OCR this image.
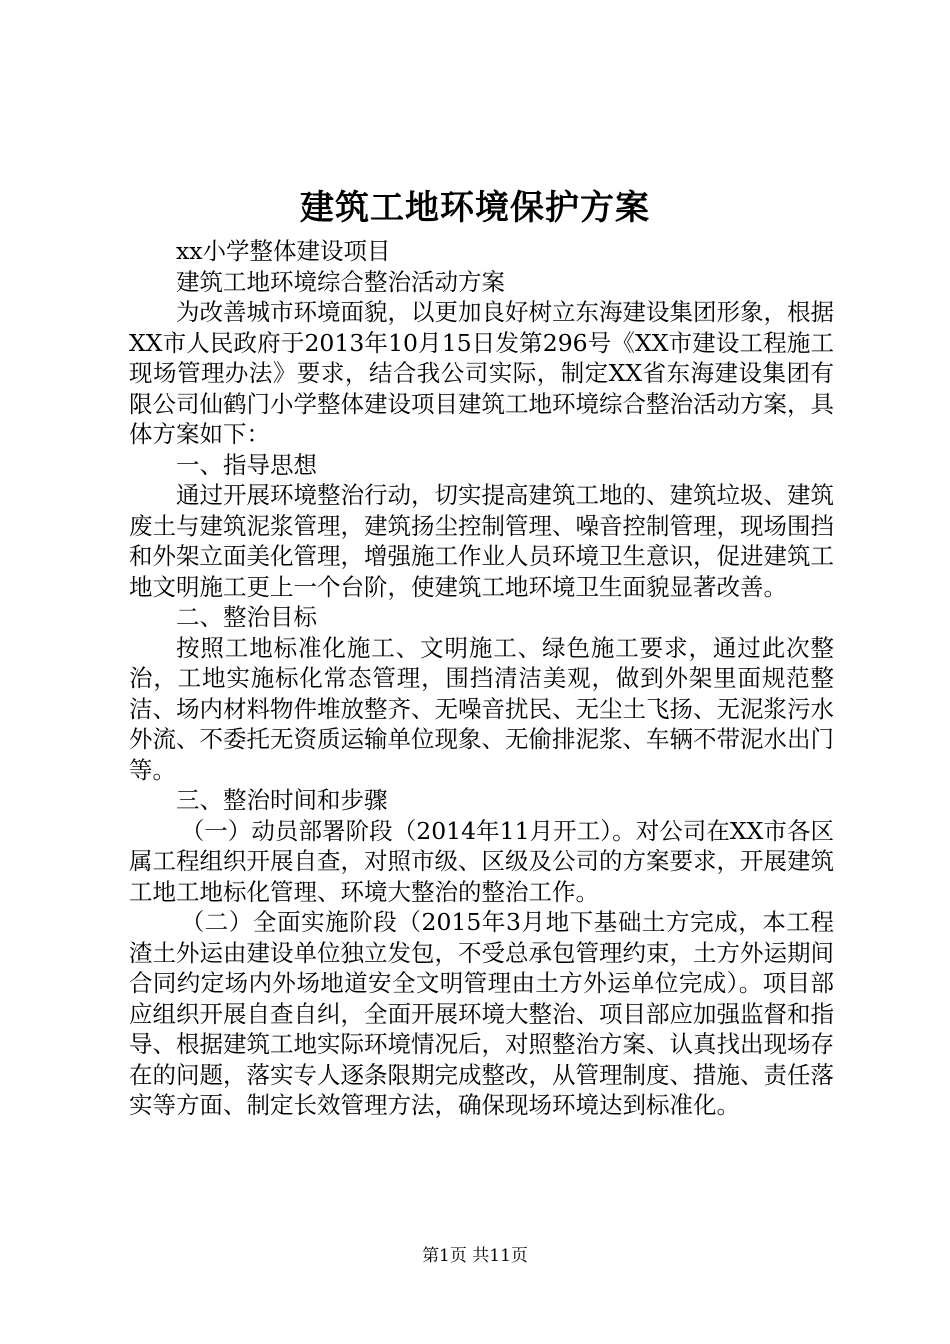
建筑工地环境保护方案

xx小学整体建设项目

建筑工地环境综合整治活动方案

为改善城市环境面貌，以更加良好树立东海建设集团形象，根据XX市人民政府于2013年10月15日发第296号《XX市建设工程施工现场管理办法》要求，结合我公司实际，制定XX省东海建设集团有限公司仙鹤门小学整体建设项目建筑工地环境综合整治活动方案，具体方案如下：

一、指导思想

通过开展环境整治行动，切实提高建筑工地的、建筑垃圾、建筑废土与建筑泥浆管理，建筑扬尘控制管理、噪音控制管理，现场围挡和外架立面美化管理，增强施工作业人员环境卫生意识，促进建筑工地文明施工更上一个台阶，使建筑工地环境卫生面貌显著改善。

二、整治目标

按照工地标准化施工、文明施工、绿色施工要求，通过此次整治，工地实施标化常态管理，围挡清洁美观，做到外架里面规范整洁、场内材料物件堆放整齐、无噪音扰民、无尘土飞扬、无泥浆污水外流、不委托无资质运输单位现象、无偷排泥浆、车辆不带泥水出门等。

三、整治时间和步骤

（一）动员部署阶段（2014年11月开工）。对公司在XX市各区属工程组织开展自查，对照市级、区级及公司的方案要求，开展建筑工地工地标化管理、环境大整治的整治工作。

（二）全面实施阶段（2015年3月地下基础土方完成，本工程渣土外运由建设单位独立发包，不受总承包管理约束，土方外运期间合同约定场内外场地道安全文明管理由土方外运单位完成）。项目部应组织开展自查自纠，全面开展环境大整治、项目部应加强监督和指导、根据建筑工地实际环境情况后，对照整治方案、认真找出现场存在的问题，落实专人逐条限期完成整改，从管理制度、措施、责任落实等方面、制定长效管理方法，确保现场环境达到标准化。

第1页 共11页
